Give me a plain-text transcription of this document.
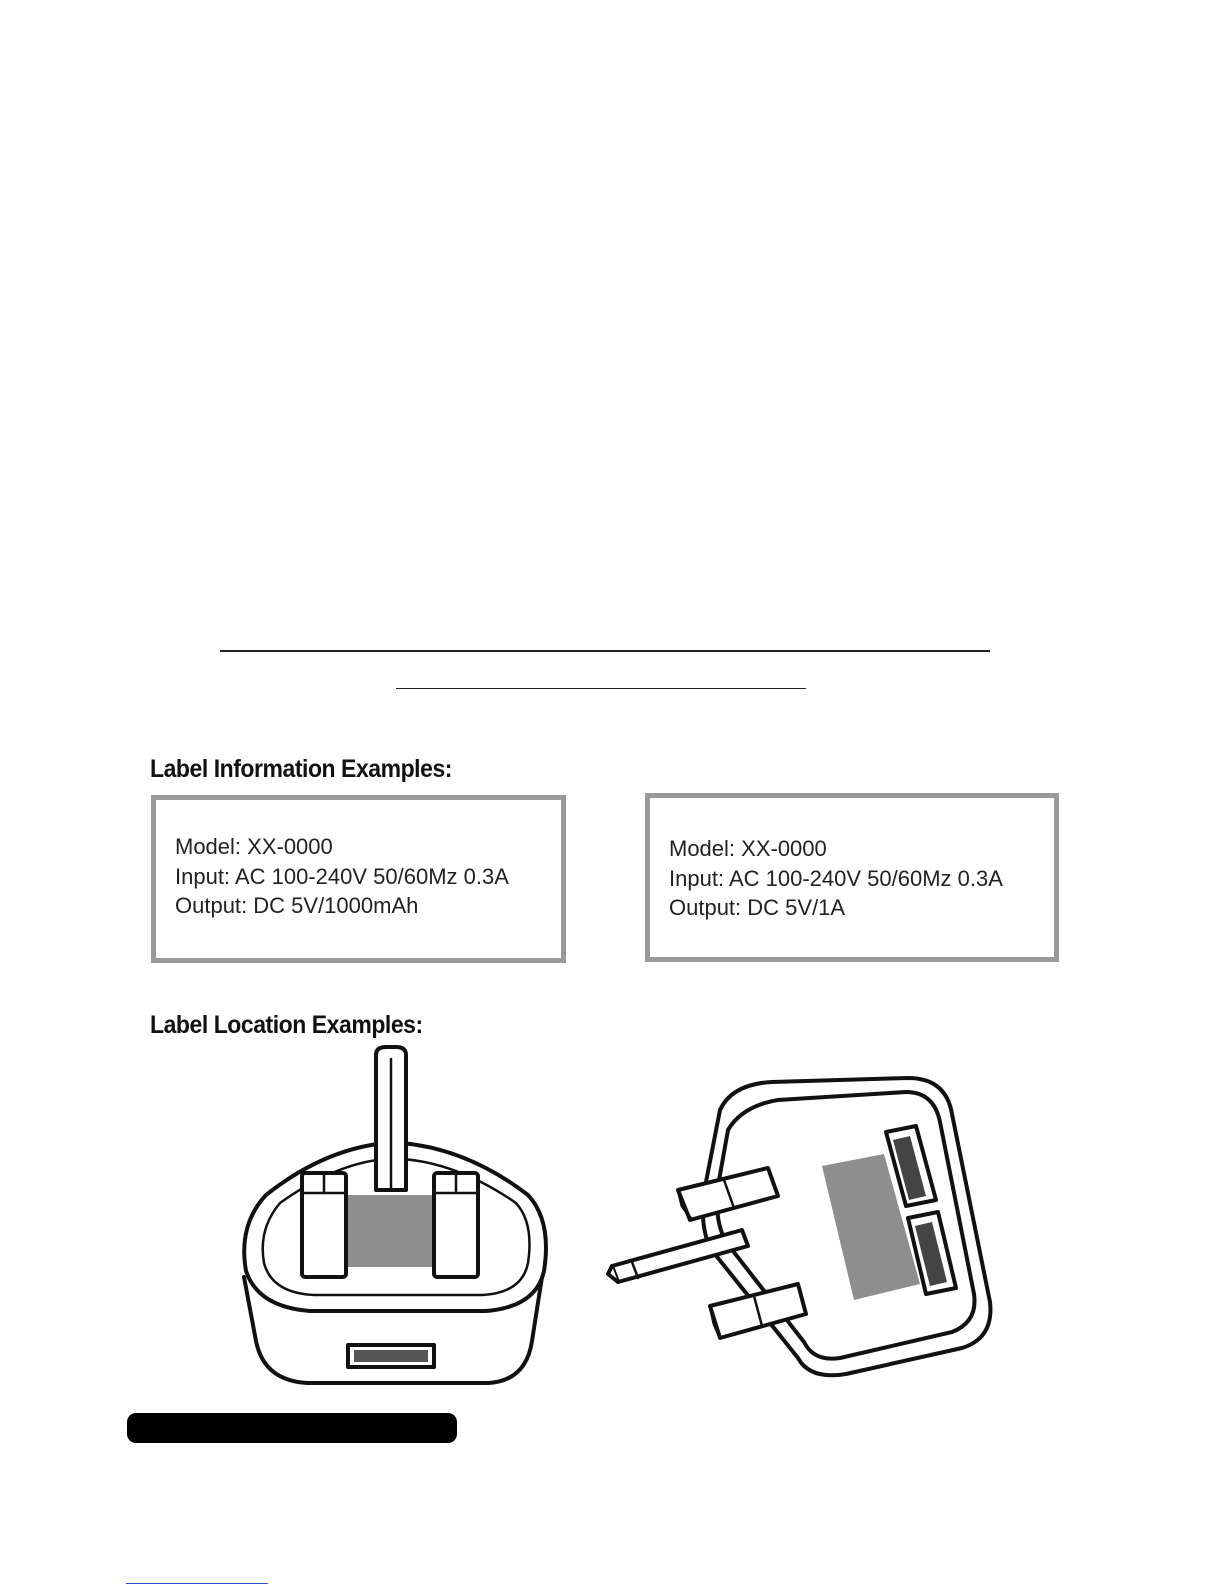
Label Information Examples:
Model: XX-0000
Input: AC 100-240V 50/60Mz 0.3A
Output: DC 5V/1000mAh
Model: XX-0000
Input: AC 100-240V 50/60Mz 0.3A
Output: DC 5V/1A
Label Location Examples:
